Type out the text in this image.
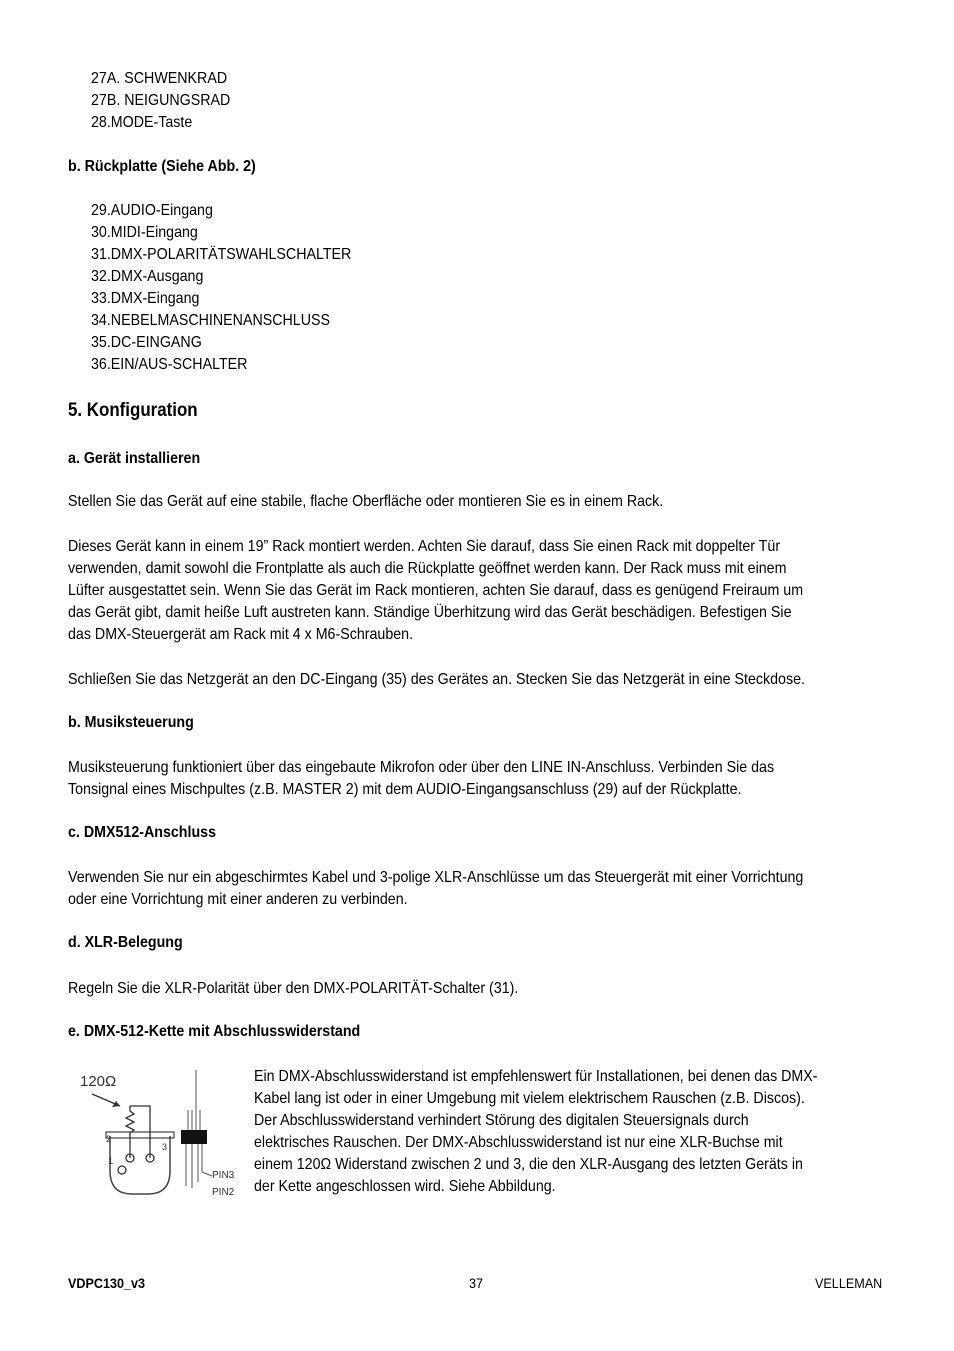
27A. SCHWENKRAD
27B. NEIGUNGSRAD
28.MODE-Taste
b. Rückplatte (Siehe Abb. 2)
29.AUDIO-Eingang
30.MIDI-Eingang
31.DMX-POLARITÄTSWAHLSCHALTER
32.DMX-Ausgang
33.DMX-Eingang
34.NEBELMASCHINENANSCHLUSS
35.DC-EINGANG
36.EIN/AUS-SCHALTER
5. Konfiguration
a. Gerät installieren
Stellen Sie das Gerät auf eine stabile, flache Oberfläche oder montieren Sie es in einem Rack.
Dieses Gerät kann in einem 19” Rack montiert werden. Achten Sie darauf, dass Sie einen Rack mit doppelter Tür
verwenden, damit sowohl die Frontplatte als auch die Rückplatte geöffnet werden kann. Der Rack muss mit einem
Lüfter ausgestattet sein. Wenn Sie das Gerät im Rack montieren, achten Sie darauf, dass es genügend Freiraum um
das Gerät gibt, damit heiße Luft austreten kann. Ständige Überhitzung wird das Gerät beschädigen. Befestigen Sie
das DMX-Steuergerät am Rack mit 4 x M6-Schrauben.
Schließen Sie das Netzgerät an den DC-Eingang (35) des Gerätes an. Stecken Sie das Netzgerät in eine Steckdose.
b. Musiksteuerung
Musiksteuerung funktioniert über das eingebaute Mikrofon oder über den LINE IN-Anschluss. Verbinden Sie das
Tonsignal eines Mischpultes (z.B. MASTER 2) mit dem AUDIO-Eingangsanschluss (29) auf der Rückplatte.
c. DMX512-Anschluss
Verwenden Sie nur ein abgeschirmtes Kabel und 3-polige XLR-Anschlüsse um das Steuergerät mit einer Vorrichtung
oder eine Vorrichtung mit einer anderen zu verbinden.
d. XLR-Belegung
Regeln Sie die XLR-Polarität über den DMX-POLARITÄT-Schalter (31).
e. DMX-512-Kette mit Abschlusswiderstand
120Ω
1
2
3
PIN3
PIN2
Ein DMX-Abschlusswiderstand ist empfehlenswert für Installationen, bei denen das DMX-
Kabel lang ist oder in einer Umgebung mit vielem elektrischem Rauschen (z.B. Discos).
Der Abschlusswiderstand verhindert Störung des digitalen Steuersignals durch
elektrisches Rauschen. Der DMX-Abschlusswiderstand ist nur eine XLR-Buchse mit
einem 120Ω Widerstand zwischen 2 und 3, die den XLR-Ausgang des letzten Geräts in
der Kette angeschlossen wird. Siehe Abbildung.
VDPC130_v3	37	VELLEMAN
